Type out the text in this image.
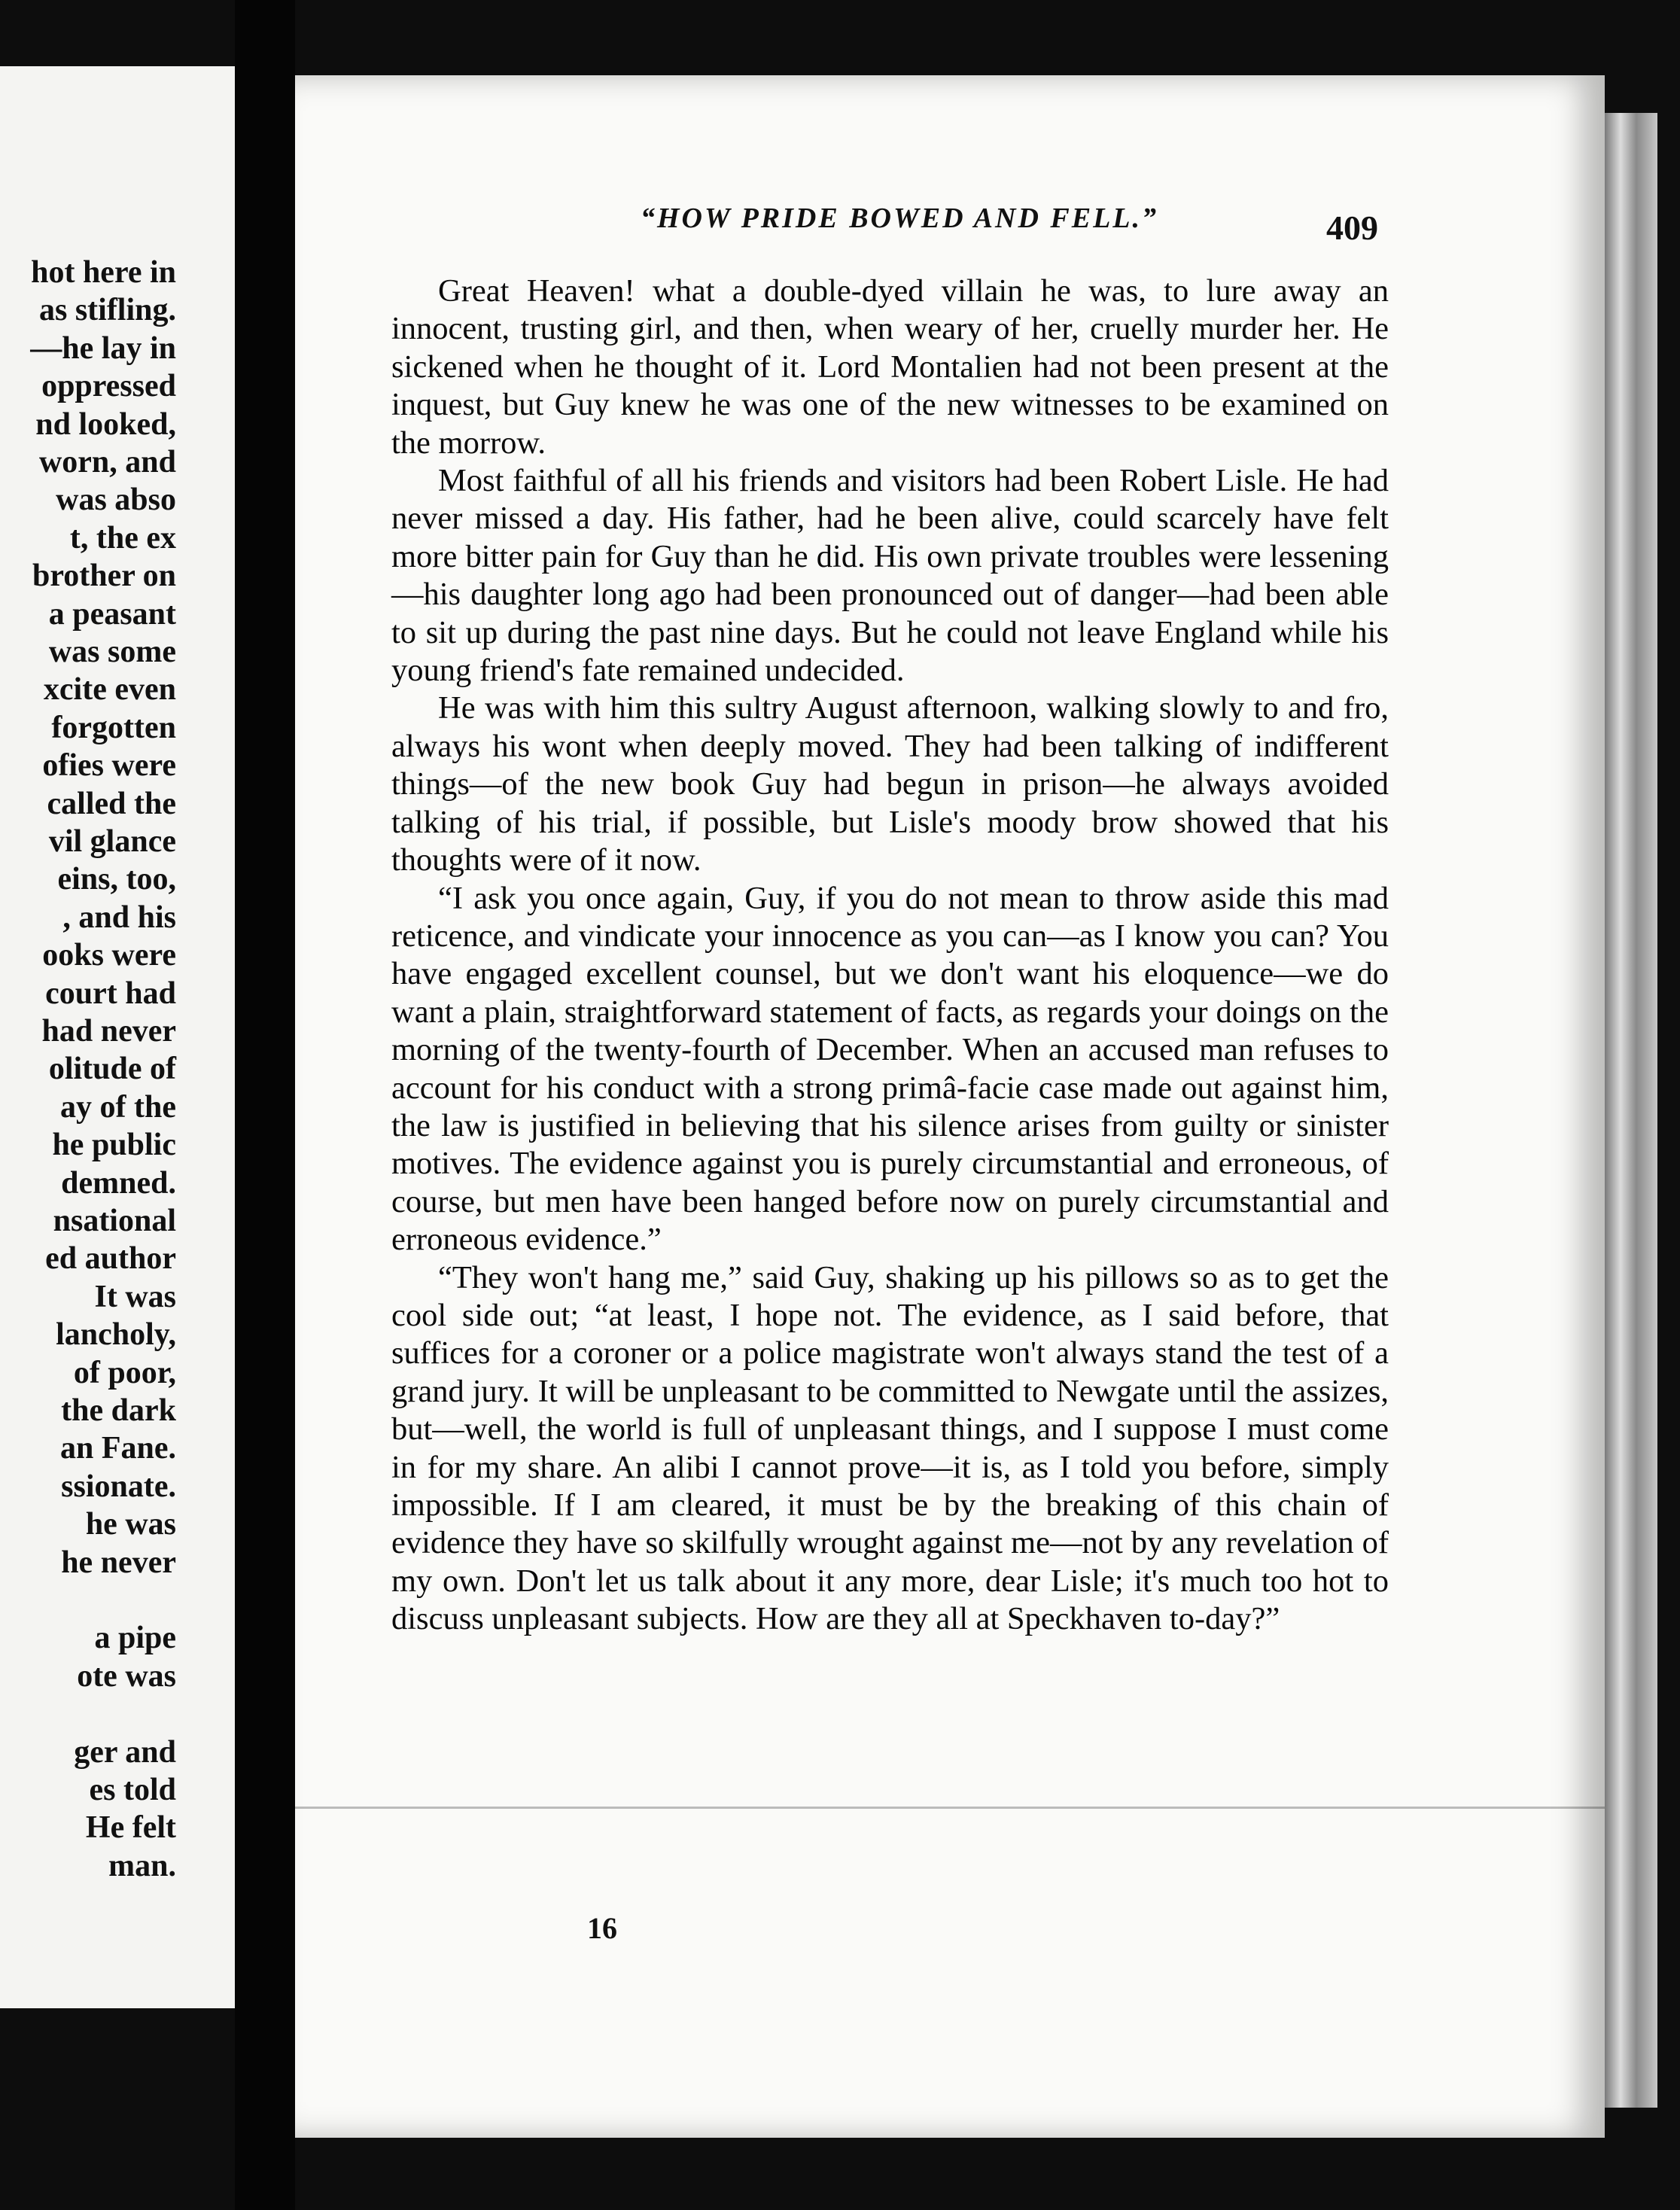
hot here in
as stifling.
—he lay in
oppressed
nd looked,
worn, and
was abso
t, the ex
brother on
a peasant
was some
xcite even
forgotten
ofies were
called the
vil glance
eins, too,
, and his
ooks were
court had
had never
olitude of
ay of the
he public
demned.
nsational
ed author
It was
lancholy,
of poor,
the dark
an Fane.
ssionate.
he was
he never
a pipe
ote was
ger and
es told
He felt
man.
“HOW PRIDE BOWED AND FELL.”	409

Great Heaven! what a double-dyed villain he was, to lure away an innocent, trusting girl, and then, when weary of her, cruelly murder her. He sickened when he thought of it. Lord Montalien had not been present at the inquest, but Guy knew he was one of the new witnesses to be examined on the morrow.

Most faithful of all his friends and visitors had been Robert Lisle. He had never missed a day. His father, had he been alive, could scarcely have felt more bitter pain for Guy than he did. His own private troubles were lessening—his daughter long ago had been pronounced out of danger—had been able to sit up during the past nine days. But he could not leave England while his young friend's fate remained undecided.

He was with him this sultry August afternoon, walking slowly to and fro, always his wont when deeply moved. They had been talking of indifferent things—of the new book Guy had begun in prison—he always avoided talking of his trial, if possible, but Lisle's moody brow showed that his thoughts were of it now.

“I ask you once again, Guy, if you do not mean to throw aside this mad reticence, and vindicate your innocence as you can—as I know you can? You have engaged excellent counsel, but we don't want his eloquence—we do want a plain, straightforward statement of facts, as regards your doings on the morning of the twenty-fourth of December. When an accused man refuses to account for his conduct with a strong primâ-facie case made out against him, the law is justified in believing that his silence arises from guilty or sinister motives. The evidence against you is purely circumstantial and erroneous, of course, but men have been hanged before now on purely circumstantial and erroneous evidence.”

“They won't hang me,” said Guy, shaking up his pillows so as to get the cool side out; “at least, I hope not. The evidence, as I said before, that suffices for a coroner or a police magistrate won't always stand the test of a grand jury. It will be unpleasant to be committed to Newgate until the assizes, but—well, the world is full of unpleasant things, and I suppose I must come in for my share. An alibi I cannot prove—it is, as I told you before, simply impossible. If I am cleared, it must be by the breaking of this chain of evidence they have so skilfully wrought against me—not by any revelation of my own. Don't let us talk about it any more, dear Lisle; it's much too hot to discuss unpleasant subjects. How are they all at Speckhaven to-day?”

16
